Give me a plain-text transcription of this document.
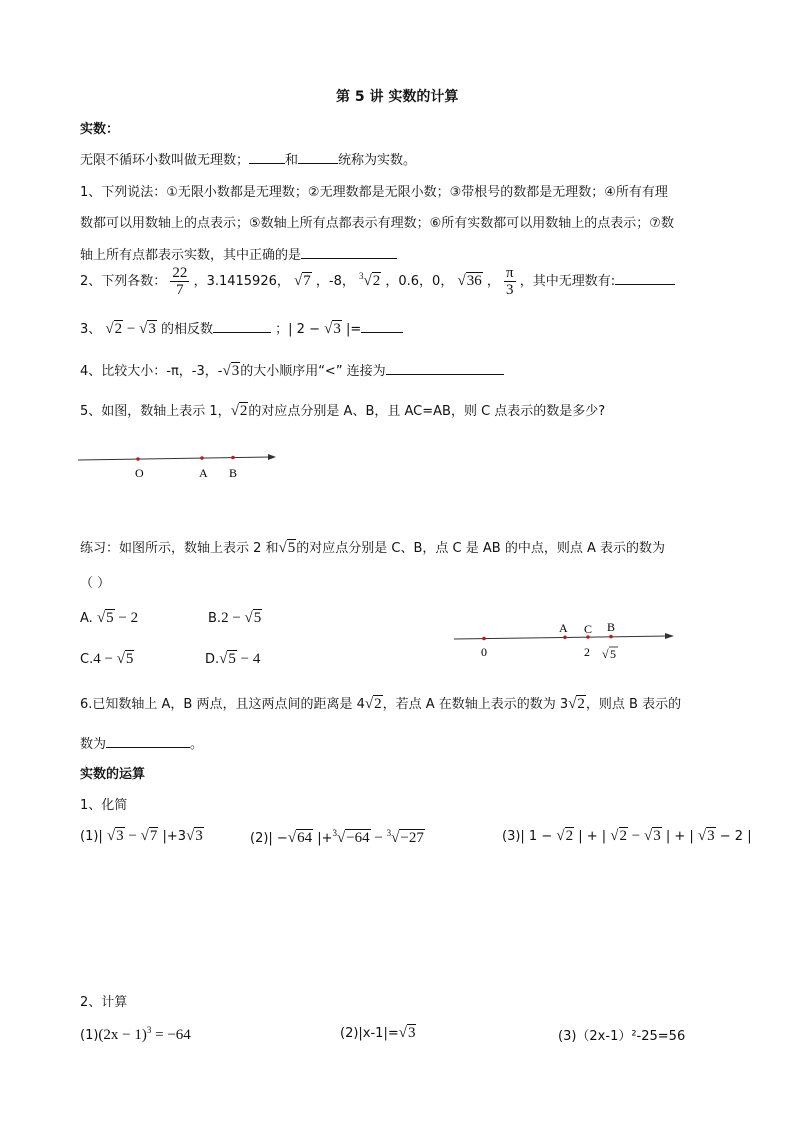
第 5 讲 实数的计算
实数：
无限不循环小数叫做无理数；	和	统称为实数。
1、下列说法：①无限小数都是无理数；②无理数都是无限小数；③带根号的数都是无理数；④所有有理
数都可以用数轴上的点表示；⑤数轴上所有点都表示有理数；⑥所有实数都可以用数轴上的点表示；⑦数
轴上所有点都表示实数，其中正确的是
2、下列各数： $\frac{22}{7}$ ，3.1415926， √7 ，-8， $^3$√2 ，0.6，0， √36 ， $\frac{\pi}{3}$ ，其中无理数有:
3、 √2 − √3 的相反数	；| 2 − √3 |=
4、比较大小：-π，-3，-√3的大小顺序用“<” 连接为
5、如图，数轴上表示 1，√2的对应点分别是 A、B，且 AC=AB，则 C 点表示的数是多少?
O	A B
练习：如图所示，数轴上表示 2 和√5的对应点分别是 C、B，点 C 是 AB 的中点，则点 A 表示的数为
（ ）
A. √5 − 2	B.2 − √5
C.4 − √5	D.√5 − 4
A C B
0	2 √ 5
6.已知数轴上 A，B 两点，且这两点间的距离是 4√2，若点 A 在数轴上表示的数为 3√2，则点 B 表示的
数为	。
实数的运算
1、化简
(1)| √3 − √7 |+3√3	(2)| −√64 |+$^3$√−64 − $^3$√−27	(3)| 1 − √2 | + | √2 − √3 | + | √3 − 2 |
2、计算
$(1)(2x - 1)^3 = -64$	(2)|x-1|=√3	(3)（2x-1）²-25=56
